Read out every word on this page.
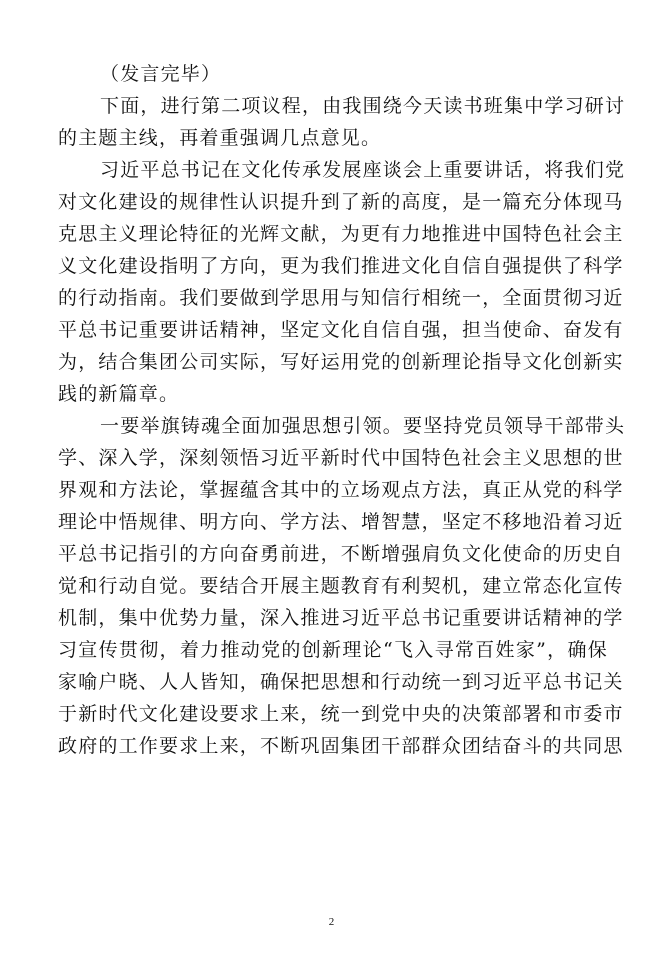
（发言完毕）
下面，进行第二项议程，由我围绕今天读书班集中学习研讨
的主题主线，再着重强调几点意见。
习近平总书记在文化传承发展座谈会上重要讲话，将我们党
对文化建设的规律性认识提升到了新的高度，是一篇充分体现马
克思主义理论特征的光辉文献，为更有力地推进中国特色社会主
义文化建设指明了方向，更为我们推进文化自信自强提供了科学
的行动指南。我们要做到学思用与知信行相统一，全面贯彻习近
平总书记重要讲话精神，坚定文化自信自强，担当使命、奋发有
为，结合集团公司实际，写好运用党的创新理论指导文化创新实
践的新篇章。
一要举旗铸魂全面加强思想引领。要坚持党员领导干部带头
学、深入学，深刻领悟习近平新时代中国特色社会主义思想的世
界观和方法论，掌握蕴含其中的立场观点方法，真正从党的科学
理论中悟规律、明方向、学方法、增智慧，坚定不移地沿着习近
平总书记指引的方向奋勇前进，不断增强肩负文化使命的历史自
觉和行动自觉。要结合开展主题教育有利契机，建立常态化宣传
机制，集中优势力量，深入推进习近平总书记重要讲话精神的学
习宣传贯彻，着力推动党的创新理论“飞入寻常百姓家”，确保
家喻户晓、人人皆知，确保把思想和行动统一到习近平总书记关
于新时代文化建设要求上来，统一到党中央的决策部署和市委市
政府的工作要求上来，不断巩固集团干部群众团结奋斗的共同思
2
